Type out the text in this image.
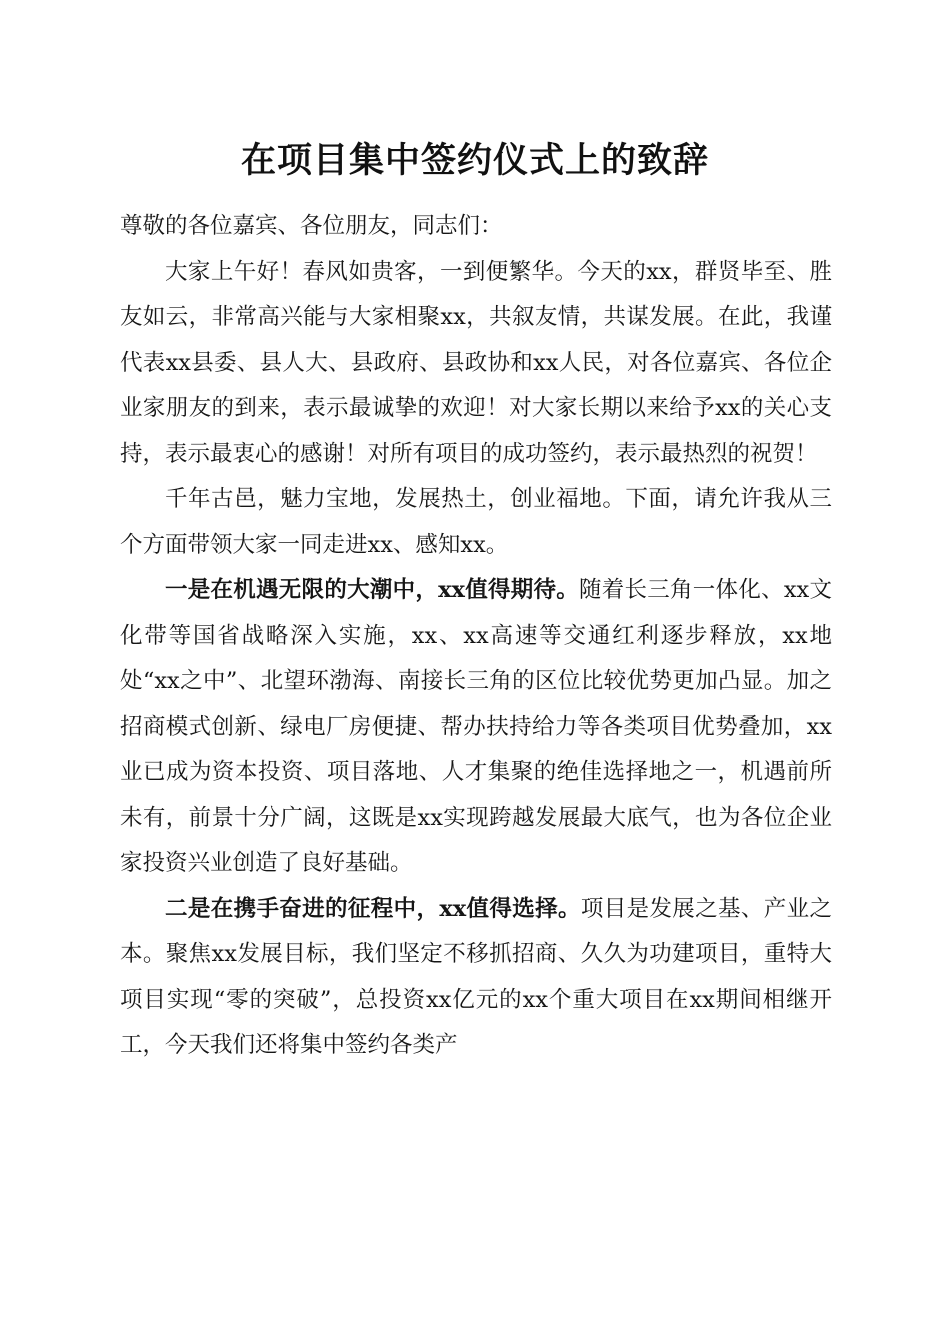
在项目集中签约仪式上的致辞

尊敬的各位嘉宾、各位朋友，同志们：

大家上午好！春风如贵客，一到便繁华。今天的xx，群贤毕至、胜友如云，非常高兴能与大家相聚xx，共叙友情，共谋发展。在此，我谨代表xx县委、县人大、县政府、县政协和xx人民，对各位嘉宾、各位企业家朋友的到来，表示最诚挚的欢迎！对大家长期以来给予xx的关心支持，表示最衷心的感谢！对所有项目的成功签约，表示最热烈的祝贺！

千年古邑，魅力宝地，发展热土，创业福地。下面，请允许我从三个方面带领大家一同走进xx、感知xx。

一是在机遇无限的大潮中，xx值得期待。随着长三角一体化、xx文化带等国省战略深入实施，xx、xx高速等交通红利逐步释放，xx地处“xx之中”、北望环渤海、南接长三角的区位比较优势更加凸显。加之招商模式创新、绿电厂房便捷、帮办扶持给力等各类项目优势叠加，xx业已成为资本投资、项目落地、人才集聚的绝佳选择地之一，机遇前所未有，前景十分广阔，这既是xx实现跨越发展最大底气，也为各位企业家投资兴业创造了良好基础。

二是在携手奋进的征程中，xx值得选择。项目是发展之基、产业之本。聚焦xx发展目标，我们坚定不移抓招商、久久为功建项目，重特大项目实现“零的突破”，总投资xx亿元的xx个重大项目在xx期间相继开工，今天我们还将集中签约各类产
